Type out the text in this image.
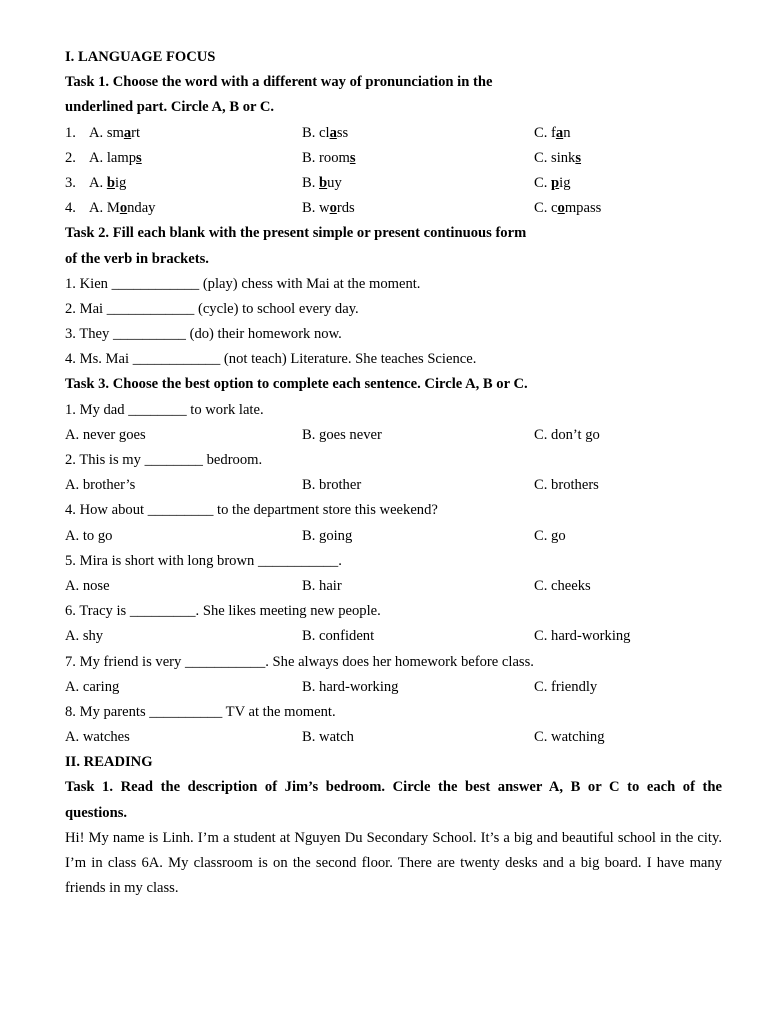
I. LANGUAGE FOCUS
Task 1. Choose the word with a different way of pronunciation in the
underlined part. Circle A, B or C.
1. A. smart	B. class	C. fan
2. A. lamps	B. rooms	C. sinks
3. A. big	B. buy	C. pig
4. A. Monday	B. words	C. compass
Task 2. Fill each blank with the present simple or present continuous form
of the verb in brackets.
1. Kien ____________ (play) chess with Mai at the moment.
2. Mai ____________ (cycle) to school every day.
3. They __________ (do) their homework now.
4. Ms. Mai ____________ (not teach) Literature. She teaches Science.
Task 3. Choose the best option to complete each sentence. Circle A, B or C.
1. My dad ________ to work late.
A. never goes	B. goes never	C. don’t go
2. This is my ________ bedroom.
A. brother’s	B. brother	C. brothers
4. How about _________ to the department store this weekend?
A. to go	B. going	C. go
5. Mira is short with long brown ___________.
A. nose	B. hair	C. cheeks
6. Tracy is _________. She likes meeting new people.
A. shy	B. confident	C. hard-working
7. My friend is very ___________. She always does her homework before class.
A. caring	B. hard-working	C. friendly
8. My parents __________ TV at the moment.
A. watches	B. watch	C. watching
II. READING
Task 1. Read the description of Jim’s bedroom. Circle the best answer A, B or C to each of the
questions.

Hi! My name is Linh. I’m a student at Nguyen Du Secondary School. It’s a big and beautiful school in the city. I’m in class 6A. My classroom is on the second floor. There are twenty desks and a big board. I have many friends in my class.
